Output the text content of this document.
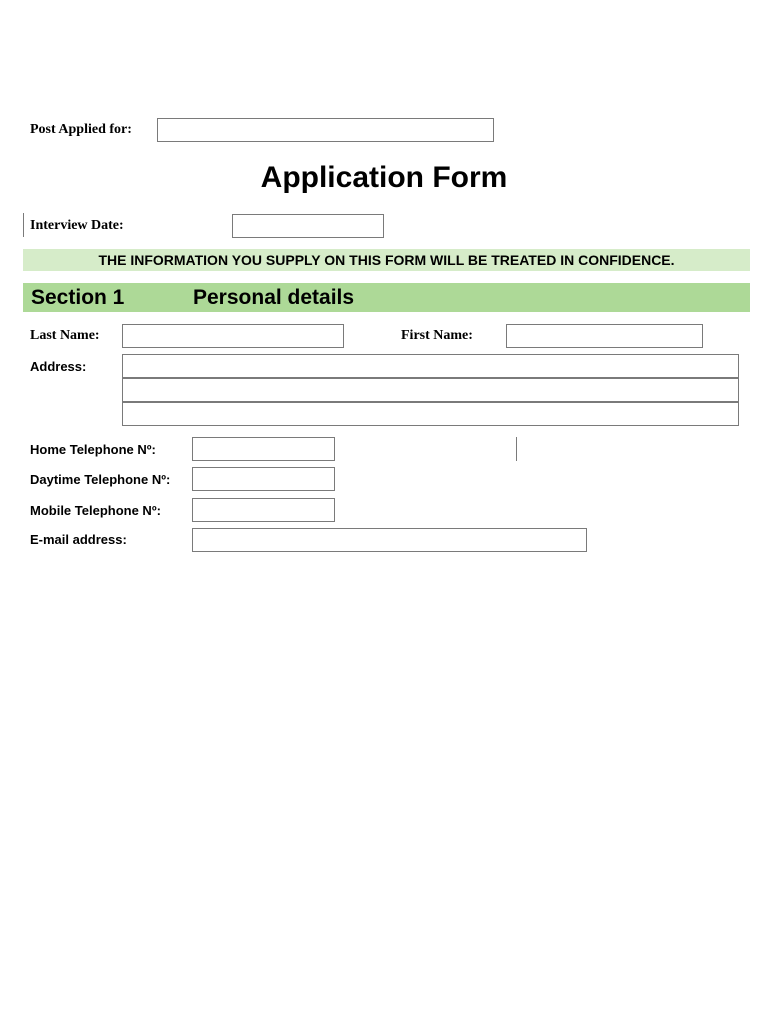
Post Applied for:
Application Form
Interview Date:
THE INFORMATION YOU SUPPLY ON THIS FORM WILL BE TREATED IN CONFIDENCE.
Section 1	Personal details
Last Name:	First Name:
Address:
Home Telephone Nº:
Daytime Telephone Nº:
Mobile Telephone Nº:
E-mail address:
